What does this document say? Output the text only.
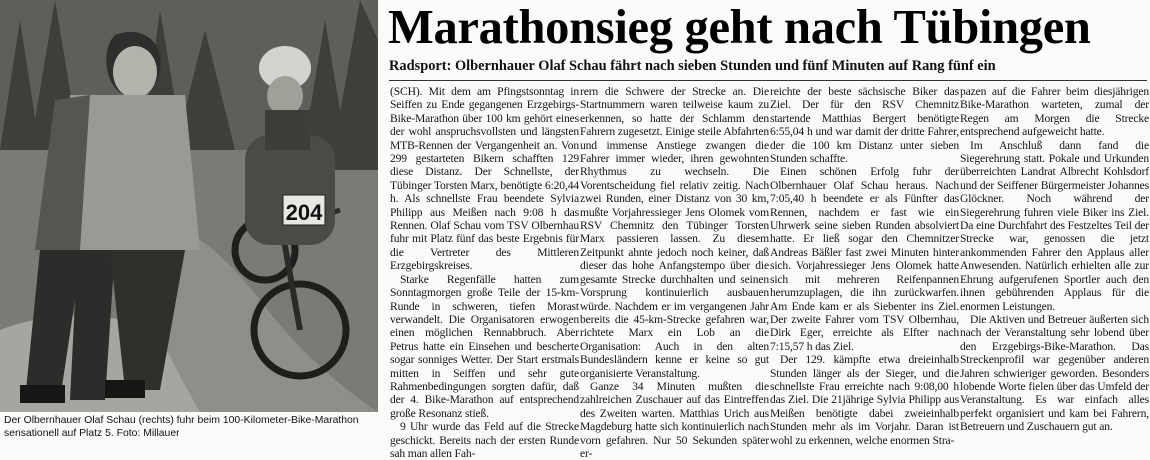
204
Der Olbernhauer Olaf Schau (rechts) fuhr beim 100-Kilometer-Bike-Marathon sensationell auf Platz 5. Foto: Millauer
Marathonsieg geht nach Tübingen
Radsport: Olbernhauer Olaf Schau fährt nach sieben Stunden und fünf Minuten auf Rang fünf ein

(SCH). Mit dem am Pfingstsonntag in Seiffen zu Ende gegangenen Erzgebirgs-Bike-Marathon über 100 km gehört eines der wohl anspruchsvollsten und längsten MTB-Rennen der Vergangenheit an. Von 299 gestarteten Bikern schafften 129 diese Distanz. Der Schnellste, der Tübinger Torsten Marx, benötigte 6:20,44 h. Als schnellste Frau beendete Sylvia Philipp aus Meißen nach 9:08 h das Rennen. Olaf Schau vom TSV Olbernhau fuhr mit Platz fünf das beste Ergebnis für die Vertreter des Mittleren Erzgebirgskreises.

Starke Regenfälle hatten zum Sonntagmorgen große Teile der 15-km-Runde in schweren, tiefen Morast verwandelt. Die Organisatoren erwogen einen möglichen Rennabbruch. Aber Petrus hatte ein Einsehen und bescherte sogar sonniges Wetter. Der Start erstmals mitten in Seiffen und sehr gute Rahmenbedingungen sorgten dafür, daß der 4. Bike-Marathon auf entsprechend große Resonanz stieß.

9 Uhr wurde das Feld auf die Strecke geschickt. Bereits nach der ersten Runde sah man allen Fah-

rern die Schwere der Strecke an. Die Startnummern waren teilweise kaum zu erkennen, so hatte der Schlamm den Fahrern zugesetzt. Einige steile Abfahrten und immense Anstiege zwangen die Fahrer immer wieder, ihren gewohnten Rhythmus zu wechseln. Die Vorentscheidung fiel relativ zeitig. Nach zwei Runden, einer Distanz von 30 km, mußte Vorjahressieger Jens Olomek vom RSV Chemnitz den Tübinger Torsten Marx passieren lassen. Zu diesem Zeitpunkt ahnte jedoch noch keiner, daß dieser das hohe Anfangstempo über die gesamte Strecke durchhalten und seinen Vorsprung kontinuierlich ausbauen würde. Nachdem er im vergangenen Jahr bereits die 45-km-Strecke gefahren war, richtete Marx ein Lob an die Organisation: Auch in den alten Bundesländern kenne er keine so gut organisierte Veranstaltung.

Ganze 34 Minuten mußten die zahlreichen Zuschauer auf das Eintreffen des Zweiten warten. Matthias Urich aus Magdeburg hatte sich kontinuierlich nach vorn gefahren. Nur 50 Sekunden später er-

reichte der beste sächsische Biker das Ziel. Der für den RSV Chemnitz startende Matthias Bergert benötigte 6:55,04 h und war damit der dritte Fahrer, der die 100 km Distanz unter sieben Stunden schaffte.

Einen schönen Erfolg fuhr der Olbernhauer Olaf Schau heraus. Nach 7:05,40 h beendete er als Fünfter das Rennen, nachdem er fast wie ein Uhrwerk seine sieben Runden absolviert hatte. Er ließ sogar den Chemnitzer Andreas Bäßler fast zwei Minuten hinter sich. Vorjahressieger Jens Olomek hatte sich mit mehreren Reifenpannen herumzuplagen, die ihn zurückwarfen. Am Ende kam er als Siebenter ins Ziel. Der zweite Fahrer vom TSV Olbernhau, Dirk Eger, erreichte als Elfter nach 7:15,57 h das Ziel.

Der 129. kämpfte etwa dreieinhalb Stunden länger als der Sieger, und die schnellste Frau erreichte nach 9:08,00 h das Ziel. Die 21jährige Sylvia Philipp aus Meißen benötigte dabei zweieinhalb Stunden mehr als im Vorjahr. Daran ist wohl zu erkennen, welche enormen Stra-

pazen auf die Fahrer beim diesjährigen Bike-Marathon warteten, zumal der Regen am Morgen die Strecke entsprechend aufgeweicht hatte.

Im Anschluß dann fand die Siegerehrung statt. Pokale und Urkunden überreichten Landrat Albrecht Kohlsdorf und der Seiffener Bürgermeister Johannes Glöckner. Noch während der Siegerehrung fuhren viele Biker ins Ziel. Da eine Durchfahrt des Festzeltes Teil der Strecke war, genossen die jetzt ankommenden Fahrer den Applaus aller Anwesenden. Natürlich erhielten alle zur Ehrung aufgerufenen Sportler auch den ihnen gebührenden Applaus für die enormen Leistungen.

Die Aktiven und Betreuer äußerten sich nach der Veranstaltung sehr lobend über den Erzgebirgs-Bike-Marathon. Das Streckenprofil war gegenüber anderen Jahren schwieriger geworden. Besonders lobende Worte fielen über das Umfeld der Veranstaltung. Es war einfach alles perfekt organisiert und kam bei Fahrern, Betreuern und Zuschauern gut an.
